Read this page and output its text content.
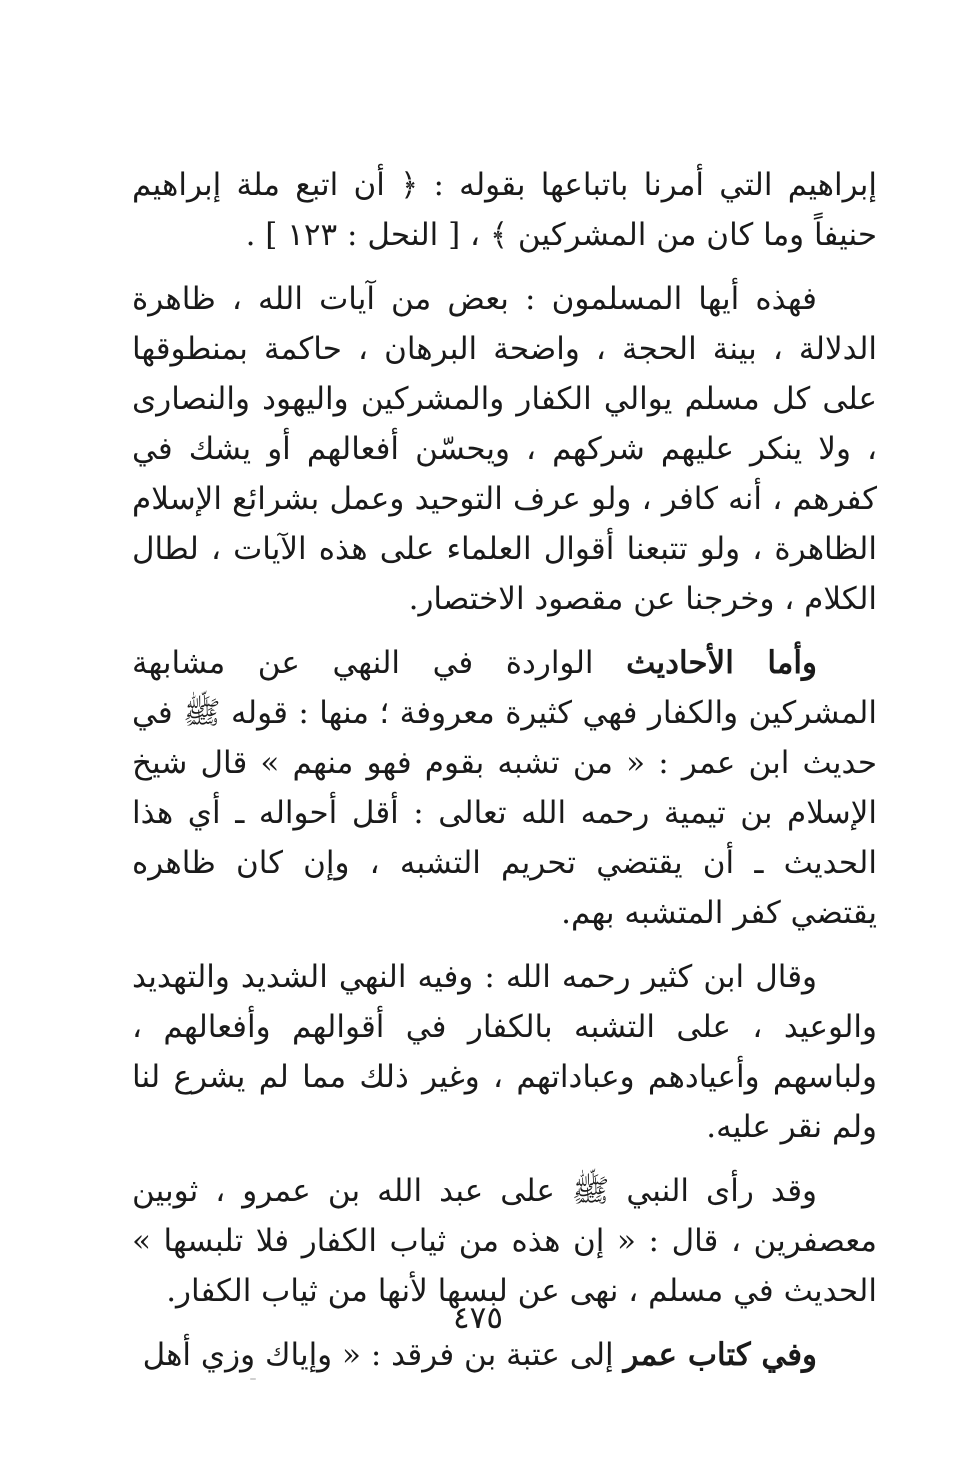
إبراهيم التي أمرنا باتباعها بقوله : ﴿ أن اتبع ملة إبراهيم حنيفاً وما كان من المشركين ﴾ ، [ النحل : ١٢٣ ] .

فهذه أيها المسلمون : بعض من آيات الله ، ظاهرة الدلالة ، بينة الحجة ، واضحة البرهان ، حاكمة بمنطوقها على كل مسلم يوالي الكفار والمشركين واليهود والنصارى ، ولا ينكر عليهم شركهم ، ويحسّن أفعالهم أو يشك في كفرهم ، أنه كافر ، ولو عرف التوحيد وعمل بشرائع الإسلام الظاهرة ، ولو تتبعنا أقوال العلماء على هذه الآيات ، لطال الكلام ، وخرجنا عن مقصود الاختصار.

وأما الأحاديث الواردة في النهي عن مشابهة المشركين والكفار فهي كثيرة معروفة ؛ منها : قوله ﷺ في حديث ابن عمر : « من تشبه بقوم فهو منهم » قال شيخ الإسلام بن تيمية رحمه الله تعالى : أقل أحواله ـ أي هذا الحديث ـ أن يقتضي تحريم التشبه ، وإن كان ظاهره يقتضي كفر المتشبه بهم.

وقال ابن كثير رحمه الله : وفيه النهي الشديد والتهديد والوعيد ، على التشبه بالكفار في أقوالهم وأفعالهم ، ولباسهم وأعيادهم وعباداتهم ، وغير ذلك مما لم يشرع لنا ولم نقر عليه.

وقد رأى النبي ﷺ على عبد الله بن عمرو ، ثوبين معصفرين ، قال : « إن هذه من ثياب الكفار فلا تلبسها » الحديث في مسلم ، نهى عن لبسها لأنها من ثياب الكفار.

وفي كتاب عمر إلى عتبة بن فرقد : « وإياك وزي أهل

٤٧٥
